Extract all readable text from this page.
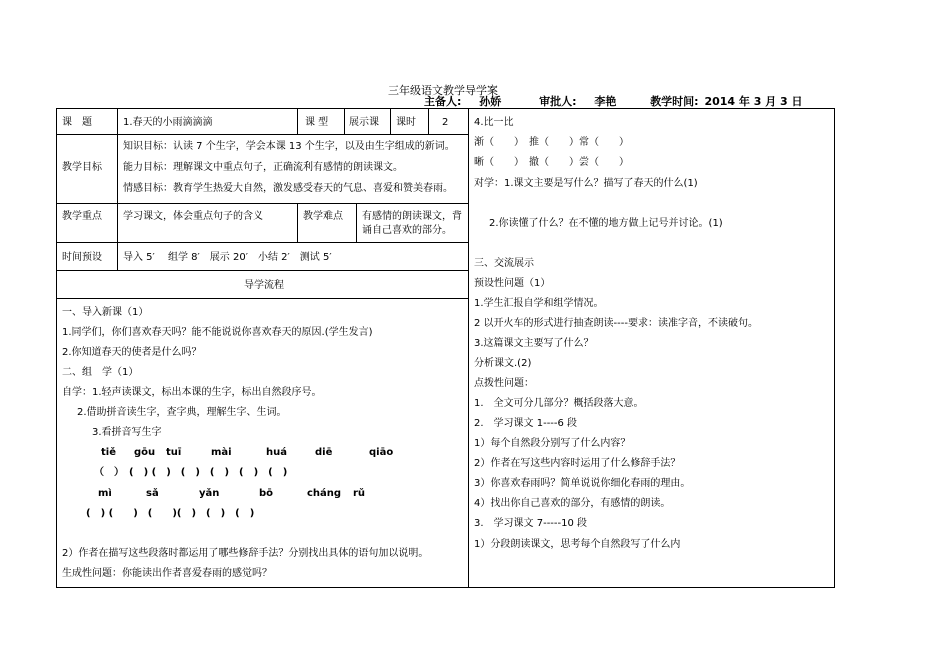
三年级语文教学导学案
主备人: 孙娇	审批人: 李艳	教学时间: 2014 年 3 月 3 日
课　题	1.春天的小雨滴滴滴	课 型 展示课 课时	2
教学目标
知识目标：认读 7 个生字，学会本课 13 个生字，以及由生字组成的新词。
能力目标：理解课文中重点句子，正确流利有感情的朗读课文。
情感目标：教育学生热爱大自然，激发感受春天的气息、喜爱和赞美春雨。
教学重点 学习课文，体会重点句子的含义	教学难点 有感情的朗读课文，背
诵自己喜欢的部分。
时间预设 导入 5′　 组学 8′　展示 20′　小结 2′　测试 5′
导学流程
一、导入新课（1）
1.同学们，你们喜欢春天吗？能不能说说你喜欢春天的原因.(学生发言)
2.你知道春天的使者是什么吗？
二、组　学（1）
自学：1.轻声读课文，标出本课的生字，标出自然段序号。
2.借助拼音读生字，查字典，理解生字、生词。
3.看拼音写生字
tiě gōu tuī	mài	huá	diē	qiāo
（　）　(　) (　)　(　)　(　)　(　)　(　)
mì	sǎ	yǎn	bō	cháng rǔ
(　) (　　)　(　　)(　)　(　)　(　)
2）作者在描写这些段落时都运用了哪些修辞手法？分别找出具体的语句加以说明。
生成性问题：你能读出作者喜爱春雨的感觉吗？
4.比一比
渐（　　）　推（　　）常（　　）
晰（　　）　撤（　　）尝（　　）
对学：1.课文主要是写什么？描写了春天的什么(1)
2.你读懂了什么？在不懂的地方做上记号并讨论。(1)
三、交流展示
预设性问题（1）
1.学生汇报自学和组学情况。
2 以开火车的形式进行抽查朗读----要求：读准字音，不读破句。
3.这篇课文主要写了什么？
分析课文.(2)
点拨性问题：
1.　全文可分几部分？概括段落大意。
2.　学习课文 1----6 段
1）每个自然段分别写了什么内容？
2）作者在写这些内容时运用了什么修辞手法？
3）你喜欢春雨吗？简单说说你细化春雨的理由。
4）找出你自己喜欢的部分，有感情的朗读。
3.　学习课文 7-----10 段
1）分段朗读课文，思考每个自然段写了什么内
